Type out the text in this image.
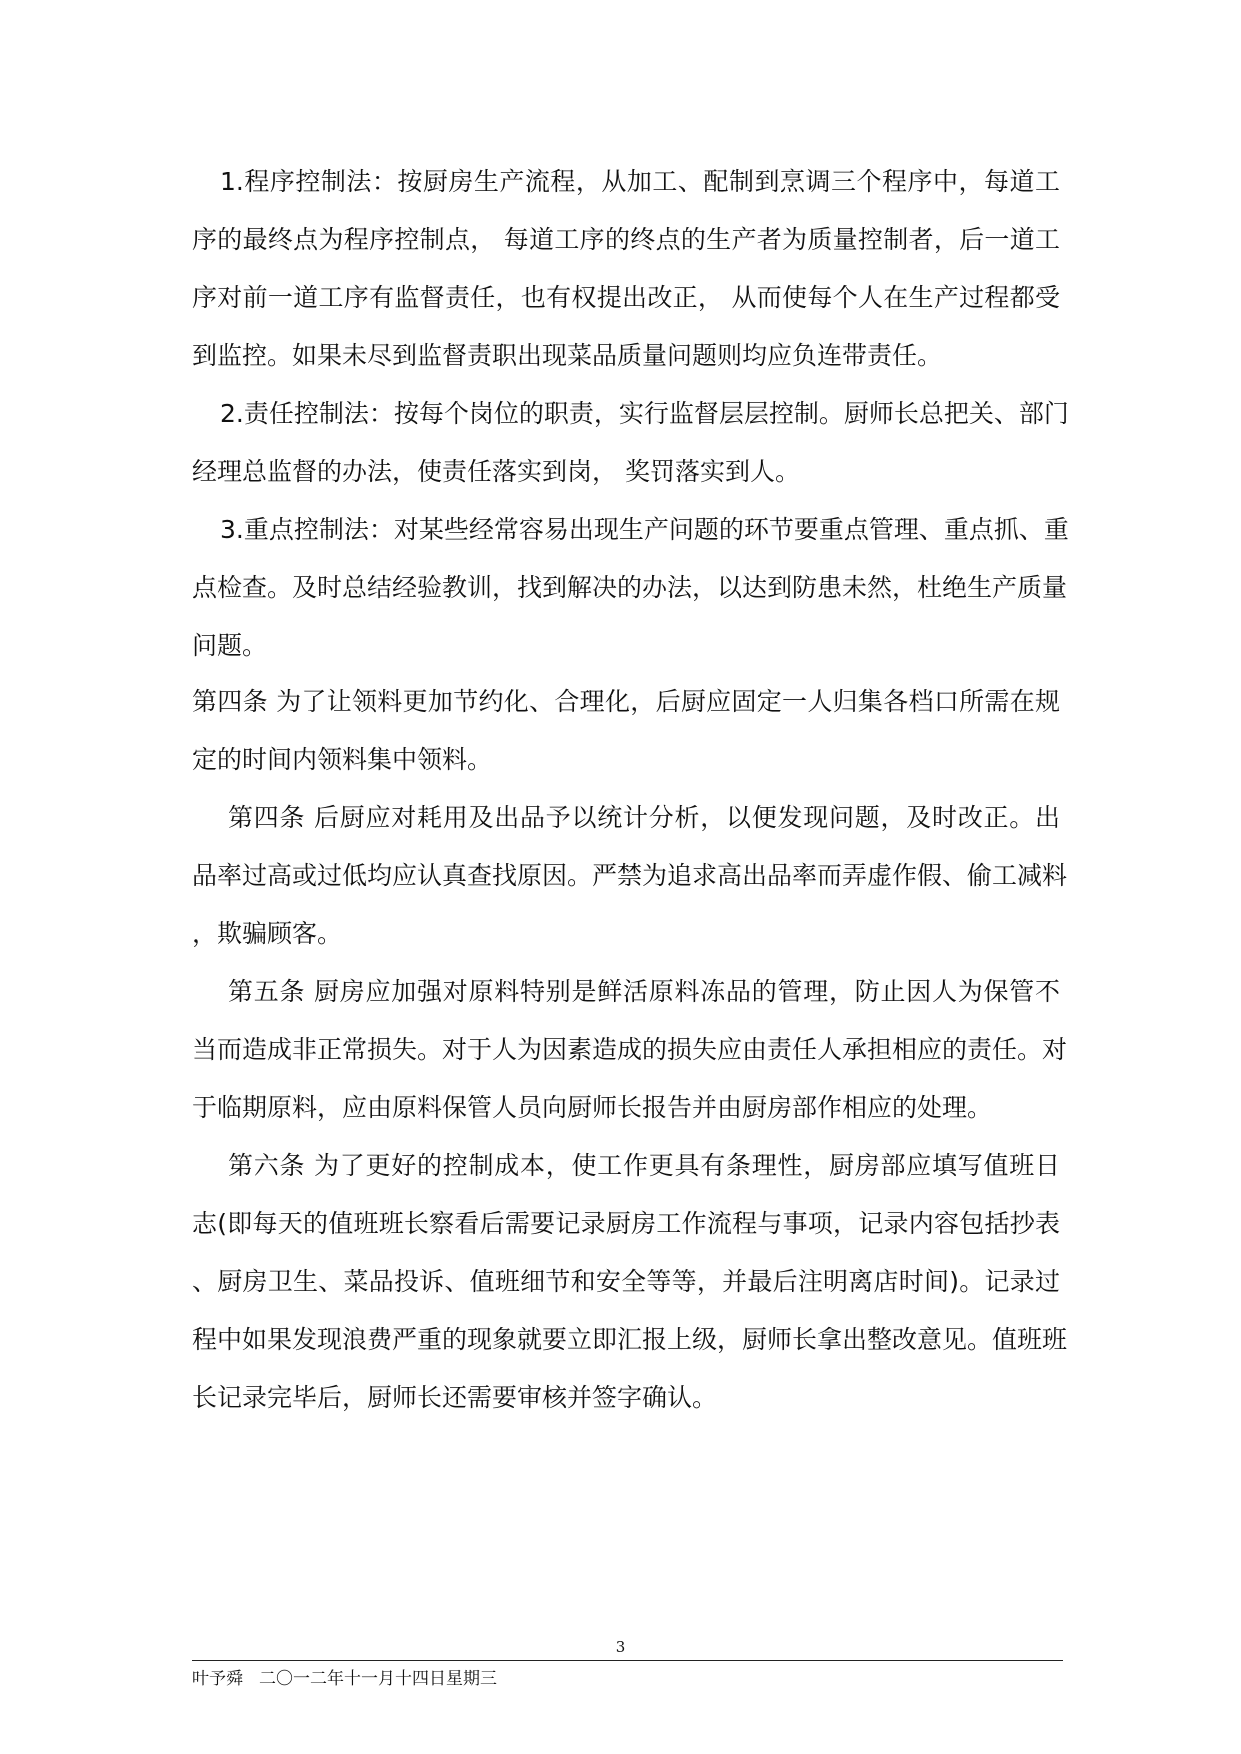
1.程序控制法：按厨房生产流程，从加工、配制到烹调三个程序中，每道工
序的最终点为程序控制点， 每道工序的终点的生产者为质量控制者，后一道工
序对前一道工序有监督责任，也有权提出改正， 从而使每个人在生产过程都受
到监控。如果未尽到监督责职出现菜品质量问题则均应负连带责任。
2.责任控制法：按每个岗位的职责，实行监督层层控制。厨师长总把关、部门
经理总监督的办法，使责任落实到岗， 奖罚落实到人。
3.重点控制法：对某些经常容易出现生产问题的环节要重点管理、重点抓、重
点检查。及时总结经验教训，找到解决的办法，以达到防患未然，杜绝生产质量
问题。
第四条 为了让领料更加节约化、合理化，后厨应固定一人归集各档口所需在规
定的时间内领料集中领料。
第四条 后厨应对耗用及出品予以统计分析，以便发现问题，及时改正。出
品率过高或过低均应认真查找原因。严禁为追求高出品率而弄虚作假、偷工减料
，欺骗顾客。
第五条 厨房应加强对原料特别是鲜活原料冻品的管理，防止因人为保管不
当而造成非正常损失。对于人为因素造成的损失应由责任人承担相应的责任。对
于临期原料，应由原料保管人员向厨师长报告并由厨房部作相应的处理。
第六条 为了更好的控制成本，使工作更具有条理性，厨房部应填写值班日
志(即每天的值班班长察看后需要记录厨房工作流程与事项，记录内容包括抄表
、厨房卫生、菜品投诉、值班细节和安全等等，并最后注明离店时间)。记录过
程中如果发现浪费严重的现象就要立即汇报上级，厨师长拿出整改意见。值班班
长记录完毕后，厨师长还需要审核并签字确认。
3
叶予舜 二〇一二年十一月十四日星期三
